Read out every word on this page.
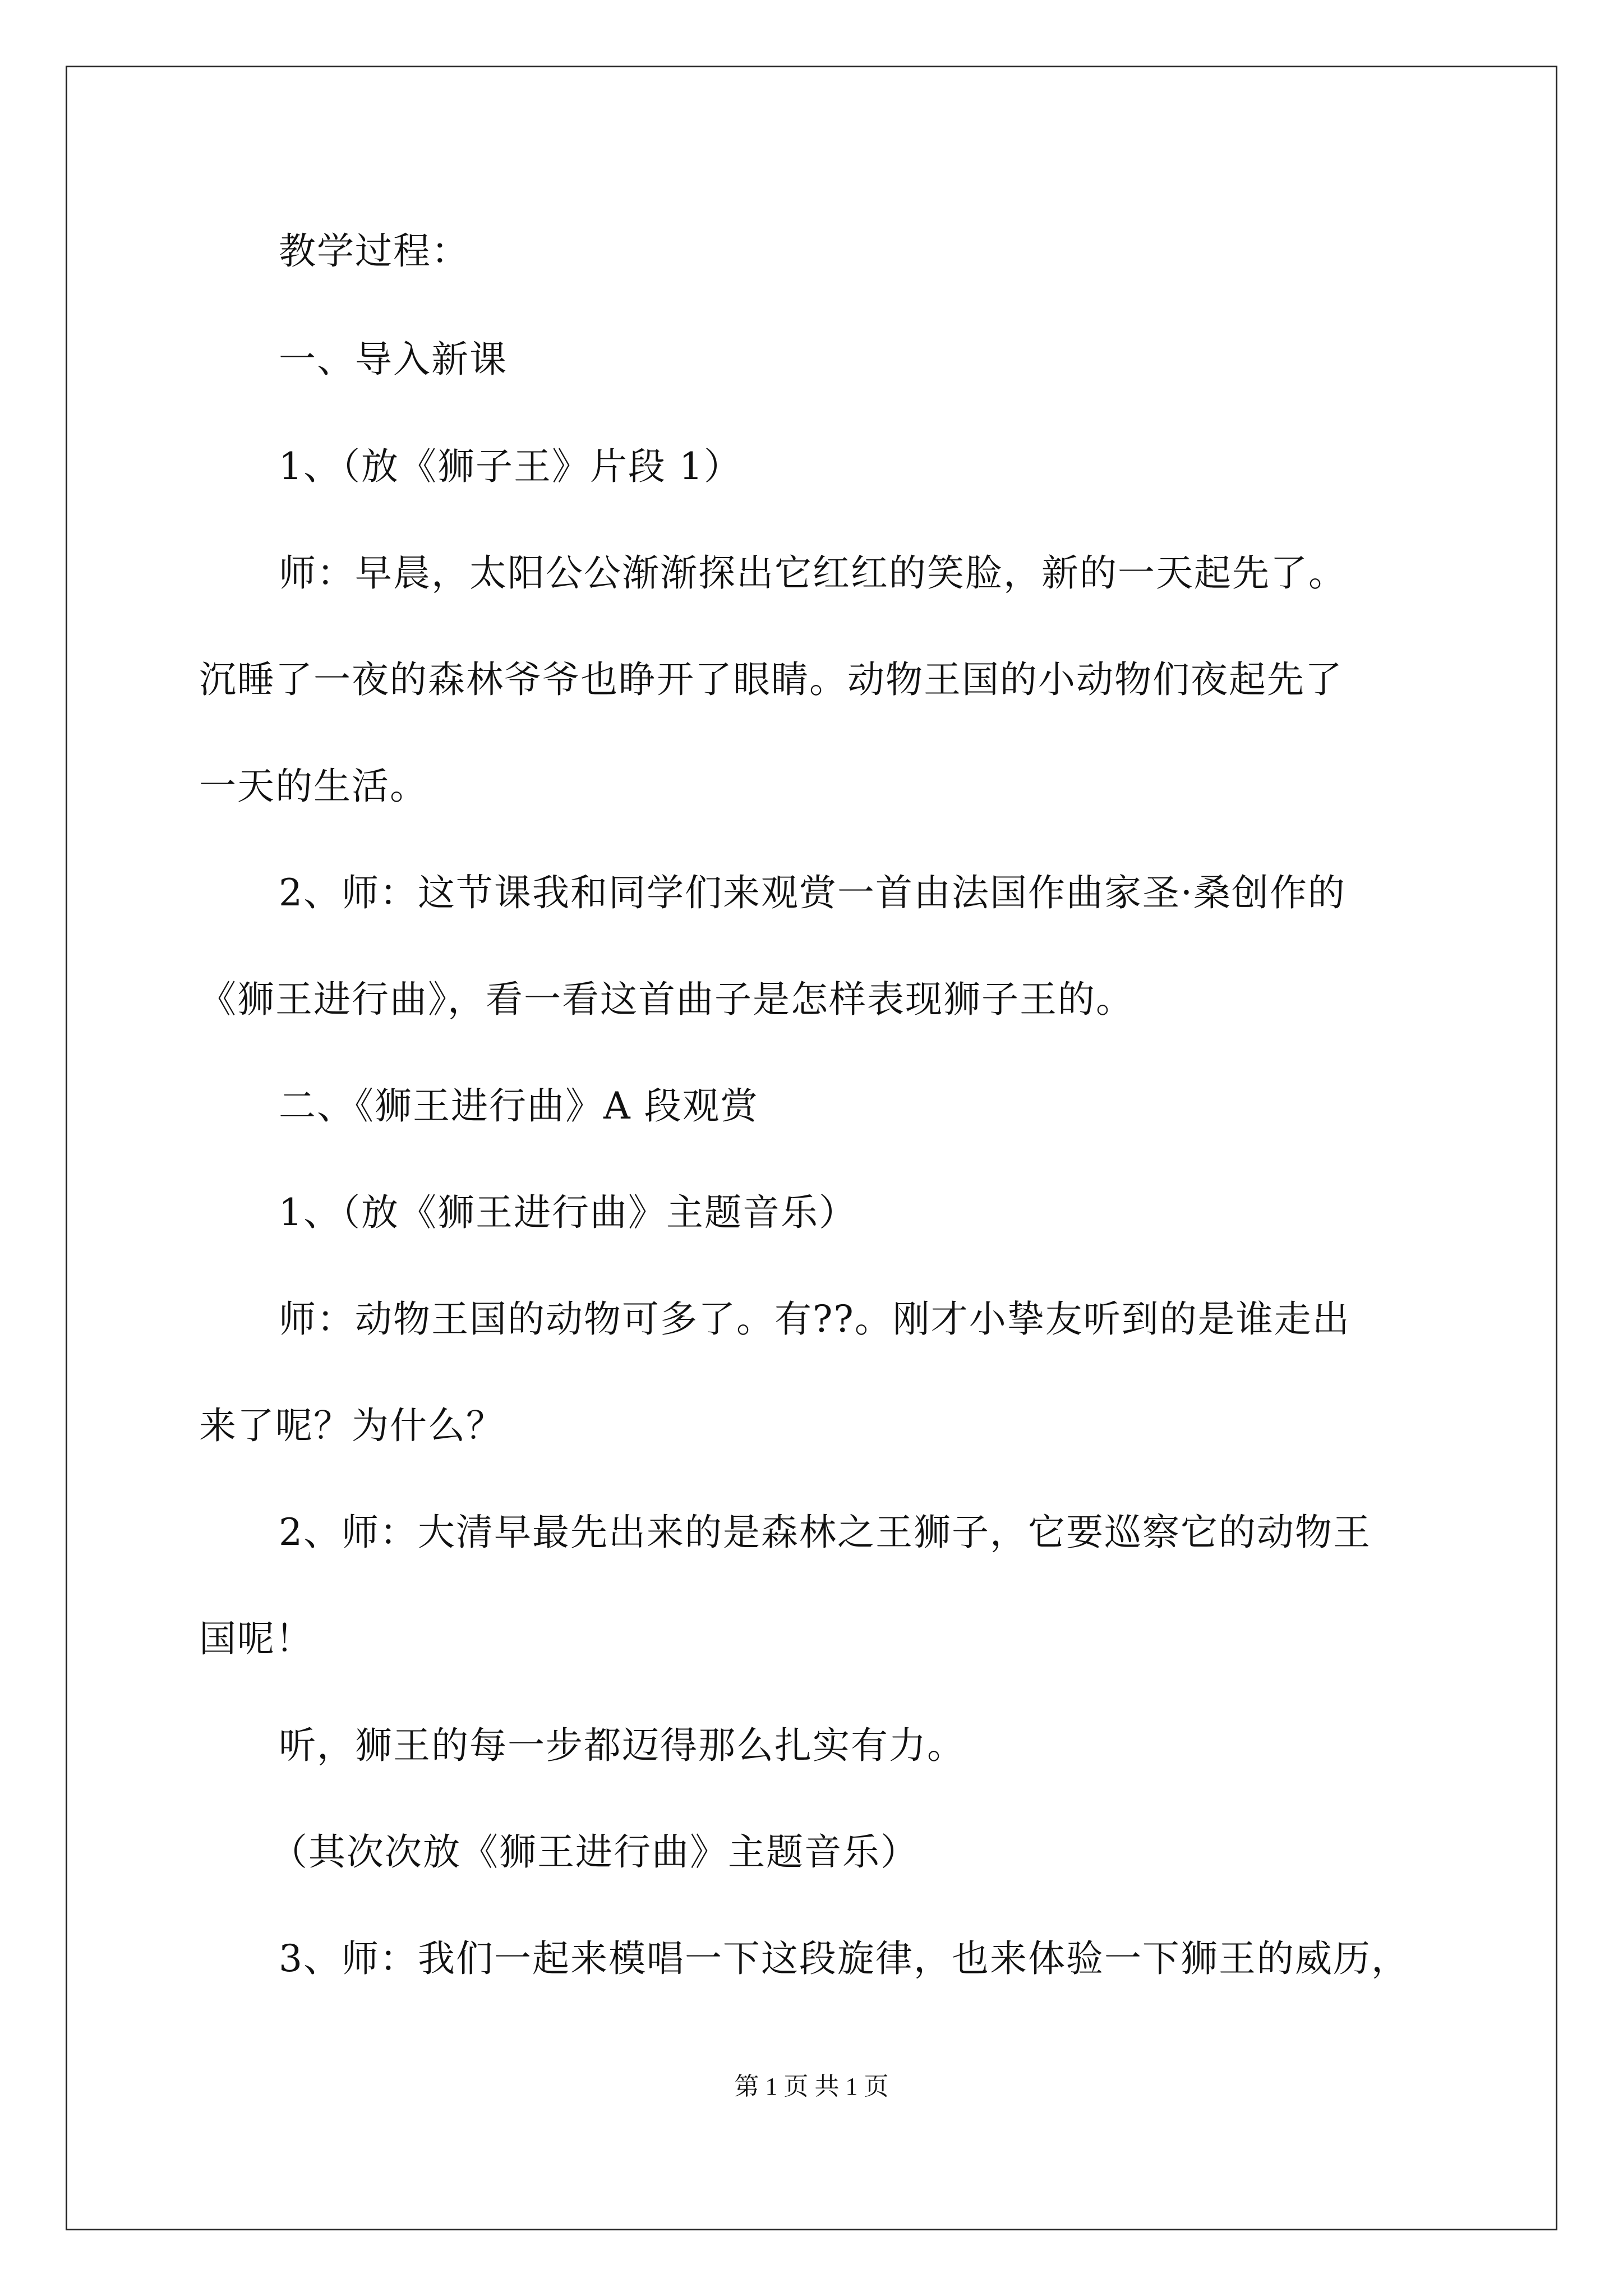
教学过程：
一、导入新课
1、（放《狮子王》片段 1）
师：早晨，太阳公公渐渐探出它红红的笑脸，新的一天起先了。
沉睡了一夜的森林爷爷也睁开了眼睛。动物王国的小动物们夜起先了
一天的生活。
2、师：这节课我和同学们来观赏一首由法国作曲家圣·桑创作的
《狮王进行曲》，看一看这首曲子是怎样表现狮子王的。
二、《狮王进行曲》A 段观赏
1、（放《狮王进行曲》主题音乐）
师：动物王国的动物可多了。有??。刚才小挚友听到的是谁走出
来了呢？为什么？
2、师：大清早最先出来的是森林之王狮子，它要巡察它的动物王
国呢！
听，狮王的每一步都迈得那么扎实有力。
（其次次放《狮王进行曲》主题音乐）
3、师：我们一起来模唱一下这段旋律，也来体验一下狮王的威历，
第 1 页 共 1 页
